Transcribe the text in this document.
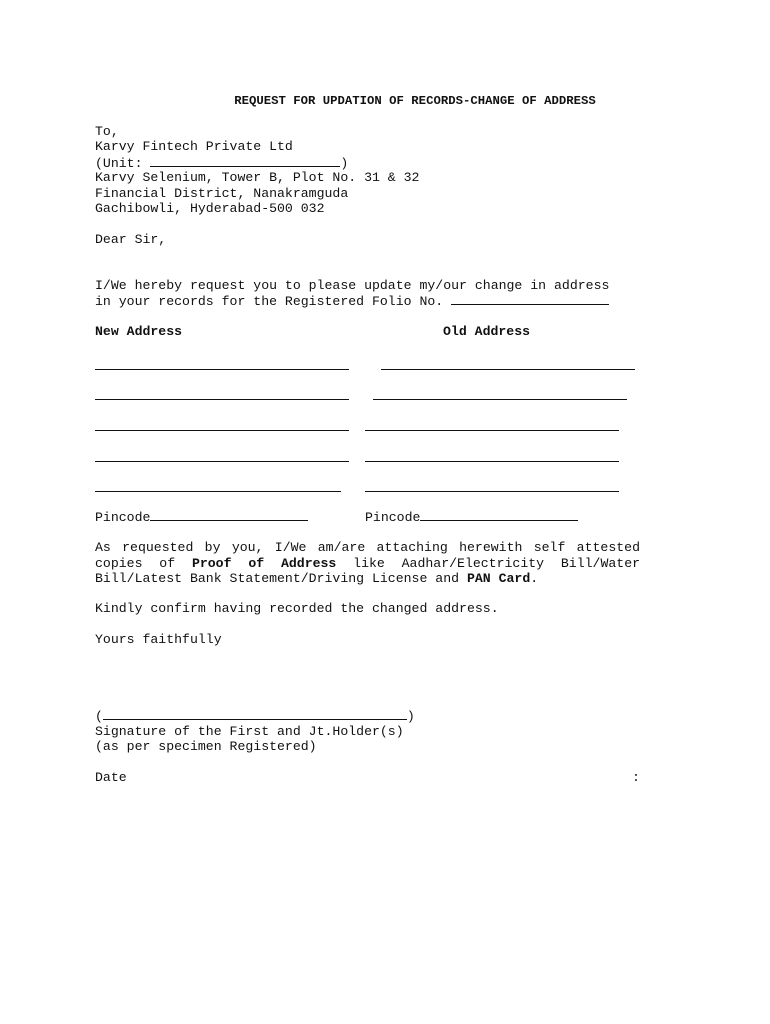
REQUEST FOR UPDATION OF RECORDS-CHANGE OF ADDRESS
To,
Karvy Fintech Private Ltd
(Unit:	)
Karvy Selenium, Tower B, Plot No. 31 & 32
Financial District, Nanakramguda
Gachibowli, Hyderabad-500 032
Dear Sir,
I/We hereby request you to please update my/our change in address
in your records for the Registered Folio No.
New Address	Old Address
Pincode	Pincode
As requested by you, I/We am/are attaching herewith self attested copies of Proof of Address like Aadhar/Electricity Bill/Water Bill/Latest Bank Statement/Driving License and PAN Card.
Kindly confirm having recorded the changed address.
Yours faithfully
(	)
Signature of the First and Jt.Holder(s)
(as per specimen Registered)
Date	:
